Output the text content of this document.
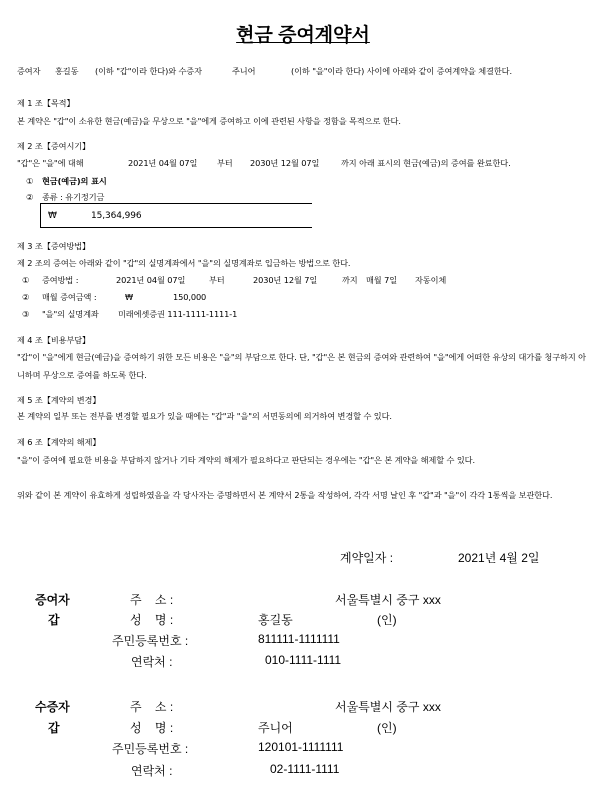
현금 증여계약서
증여자 홍길동 (이하 "갑"이라 한다)와 수증자	주니어	(이하 "을"이라 한다) 사이에 아래와 같이 증여계약을 체결한다.
제 1 조【목적】
본 계약은 "갑"이 소유한 현금(예금)을 무상으로 "을"에게 증여하고 이에 관련된 사항을 정함을 목적으로 한다.
제 2 조【증여시기】
"갑"은 "을"에 대해	2021년 04월 07일 부터 2030년 12월 07일	까지 아래 표시의 현금(예금)의 증여를 완료한다.
① 현금(예금)의 표시
② 종류 : 유기정기금
₩	15,364,996
제 3 조【증여방법】
제 2 조의 증여는 아래와 같이 "갑"의 실명계좌에서 "을"의 실명계좌로 입금하는 방법으로 한다.
① 증여방법 :	2021년 04월 07일	부터	2030년 12월 7일	까지 매월 7일 자동이체
② 매월 증여금액 :	₩	150,000
③ "을"의 실명계좌 미래에셋증권 111-1111-1111-1
제 4 조【비용부담】
"갑"이 "을"에게 현금(예금)을 증여하기 위한 모든 비용은 "을"의 부담으로 한다. 단, "갑"은 본 현금의 증여와 관련하여 "을"에게 어떠한 유상의 대가를 청구하지 아니하며 무상으로 증여를 하도록 한다.
제 5 조【계약의 변경】
본 계약의 일부 또는 전부를 변경할 필요가 있을 때에는 "갑"과 "을"의 서면동의에 의거하여 변경할 수 있다.
제 6 조【계약의 해제】
"을"이 증여에 필요한 비용을 부담하지 않거나 기타 계약의 해제가 필요하다고 판단되는 경우에는 "갑"은 본 계약을 해제할 수 있다.
위와 같이 본 계약이 유효하게 성립하였음을 각 당사자는 증명하면서 본 계약서 2통을 작성하여, 각각 서명 날인 후 "갑"과 "을"이 각각 1통씩을 보관한다.
계약일자 :	2021년 4월 2일
증여자	주    소 :	서울특별시 중구 xxx
갑	성    명 :	홍길동	(인)
주민등록번호 :	811111-1111111
연락처 :	010-1111-1111
수증자	주    소 :	서울특별시 중구 xxx
갑	성    명 :	주니어	(인)
주민등록번호 :	120101-1111111
연락처 :	02-1111-1111
